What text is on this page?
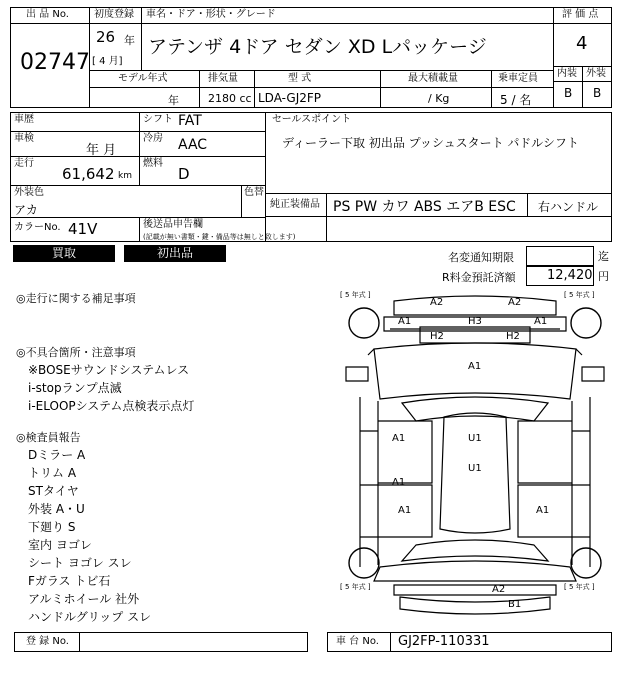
出 品 No.
02747
初度登録 車名・ドア・形状・グレード
26 年
[ 4 月]
アテンザ 4ドア セダン XD Lパッケージ
評 価 点
4
内装 外装
B B
モデル年式	排気量	型 式	最大積載量	乗車定員
年	2180 cc LDA-GJ2FP	/ Kg	5 / 名
車歴	シフト FAT
車検
年 月
冷房 AAC
走行
61,642 km
燃料
D
外装色
アカ
色替
カラーNo. 41V	後送品申告欄
(記載が無い書類・鍵・備品等は無しと致します)
セールスポイント
ディーラー下取 初出品 プッシュスタート パドルシフト
純正装備品 PS PW カワ ABS エアB ESC 右ハンドル
買取	初出品	名変通知期限	迄
R料金預託済額 12,420 円
◎走行に関する補足事項
◎不具合箇所・注意事項
※BOSEサウンドシステムレス
i-stopランプ点滅
i-ELOOPシステム点検表示点灯
◎検査員報告
Dミラー A
トリム A
STタイヤ
外装 A・U
下廻り S
室内 ヨゴレ
シート ヨゴレ スレ
Fガラス トビ石
アルミホイール 社外
ハンドルグリップ スレ
[ 5 年式 ]	[ 5 年式 ]
[ 5 年式 ]	[ 5 年式 ]
A2	A2
A1	H3	A1
H2	H2
A1
A1	U1
U1
A1
A1	A1
A2
B1
登 録 No.	車 台 No. GJ2FP-110331
